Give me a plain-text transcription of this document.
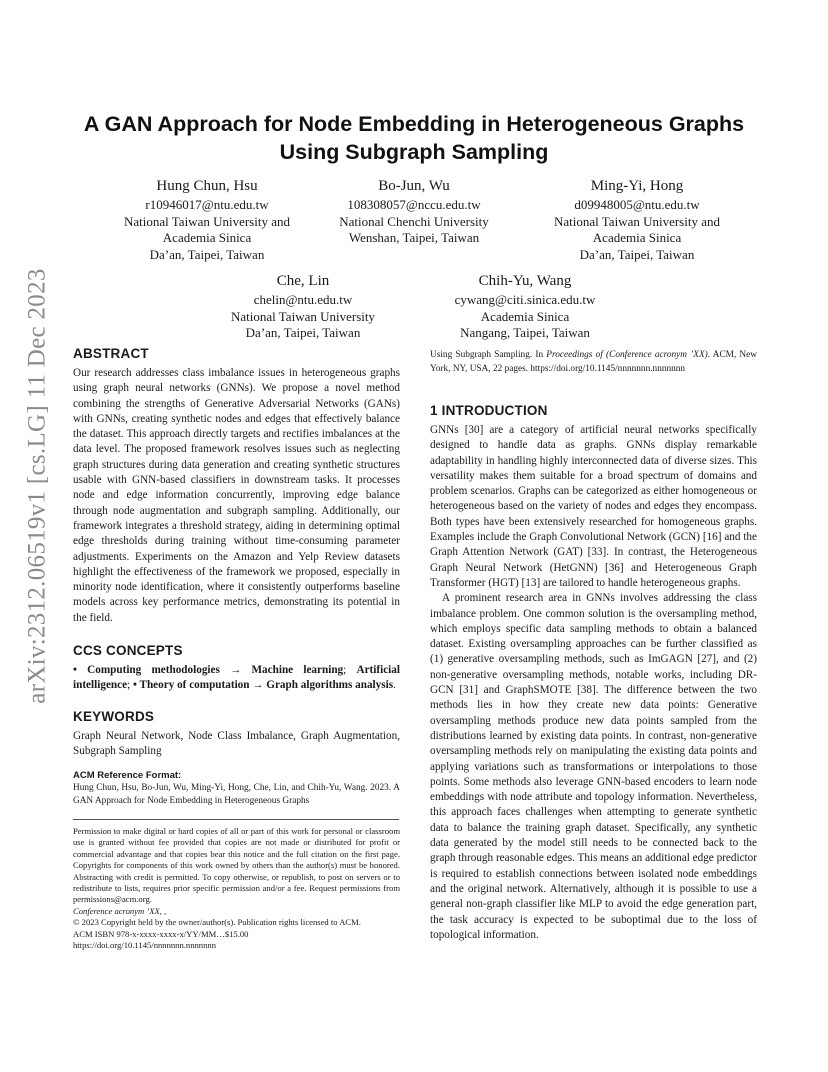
arXiv:2312.06519v1 [cs.LG] 11 Dec 2023
A GAN Approach for Node Embedding in Heterogeneous Graphs
Using Subgraph Sampling
Hung Chun, Hsu
r10946017@ntu.edu.tw
National Taiwan University and
Academia Sinica
Da’an, Taipei, Taiwan
Bo-Jun, Wu
108308057@nccu.edu.tw
National Chenchi University
Wenshan, Taipei, Taiwan
Ming-Yi, Hong
d09948005@ntu.edu.tw
National Taiwan University and
Academia Sinica
Da’an, Taipei, Taiwan
Che, Lin
chelin@ntu.edu.tw
National Taiwan University
Da’an, Taipei, Taiwan
Chih-Yu, Wang
cywang@citi.sinica.edu.tw
Academia Sinica
Nangang, Taipei, Taiwan
ABSTRACT

Our research addresses class imbalance issues in heterogeneous graphs using graph neural networks (GNNs). We propose a novel method combining the strengths of Generative Adversarial Networks (GANs) with GNNs, creating synthetic nodes and edges that effectively balance the dataset. This approach directly targets and rectifies imbalances at the data level. The proposed framework resolves issues such as neglecting graph structures during data generation and creating synthetic structures usable with GNN-based classifiers in downstream tasks. It processes node and edge information concurrently, improving edge balance through node augmentation and subgraph sampling. Additionally, our framework integrates a threshold strategy, aiding in determining optimal edge thresholds during training without time-consuming parameter adjustments. Experiments on the Amazon and Yelp Review datasets highlight the effectiveness of the framework we proposed, especially in minority node identification, where it consistently outperforms baseline models across key performance metrics, demonstrating its potential in the field.

CCS CONCEPTS

• Computing methodologies → Machine learning; Artificial intelligence; • Theory of computation → Graph algorithms analysis.

KEYWORDS

Graph Neural Network, Node Class Imbalance, Graph Augmentation, Subgraph Sampling

ACM Reference Format:

Hung Chun, Hsu, Bo-Jun, Wu, Ming-Yi, Hong, Che, Lin, and Chih-Yu, Wang. 2023. A GAN Approach for Node Embedding in Heterogeneous Graphs

Permission to make digital or hard copies of all or part of this work for personal or classroom use is granted without fee provided that copies are not made or distributed for profit or commercial advantage and that copies bear this notice and the full citation on the first page. Copyrights for components of this work owned by others than the author(s) must be honored. Abstracting with credit is permitted. To copy otherwise, or republish, to post on servers or to redistribute to lists, requires prior specific permission and/or a fee. Request permissions from permissions@acm.org.

Conference acronym ’XX, ,
© 2023 Copyright held by the owner/author(s). Publication rights licensed to ACM.
ACM ISBN 978-x-xxxx-xxxx-x/YY/MM…$15.00
https://doi.org/10.1145/nnnnnnn.nnnnnnn

Using Subgraph Sampling. In Proceedings of (Conference acronym ’XX). ACM, New York, NY, USA, 22 pages. https://doi.org/10.1145/nnnnnnn.nnnnnnn

1 INTRODUCTION

GNNs [30] are a category of artificial neural networks specifically designed to handle data as graphs. GNNs display remarkable adaptability in handling highly interconnected data of diverse sizes. This versatility makes them suitable for a broad spectrum of domains and problem scenarios. Graphs can be categorized as either homogeneous or heterogeneous based on the variety of nodes and edges they encompass. Both types have been extensively researched for homogeneous graphs. Examples include the Graph Convolutional Network (GCN) [16] and the Graph Attention Network (GAT) [33]. In contrast, the Heterogeneous Graph Neural Network (HetGNN) [36] and Heterogeneous Graph Transformer (HGT) [13] are tailored to handle heterogeneous graphs.

A prominent research area in GNNs involves addressing the class imbalance problem. One common solution is the oversampling method, which employs specific data sampling methods to obtain a balanced dataset. Existing oversampling approaches can be further classified as (1) generative oversampling methods, such as ImGAGN [27], and (2) non-generative oversampling methods, notable works, including DR-GCN [31] and GraphSMOTE [38]. The difference between the two methods lies in how they create new data points: Generative oversampling methods produce new data points sampled from the distributions learned by existing data points. In contrast, non-generative oversampling methods rely on manipulating the existing data points and applying variations such as transformations or interpolations to those points. Some methods also leverage GNN-based encoders to learn node embeddings with node attribute and topology information. Nevertheless, this approach faces challenges when attempting to generate synthetic data to balance the training graph dataset. Specifically, any synthetic data generated by the model still needs to be connected back to the graph through reasonable edges. This means an additional edge predictor is required to establish connections between isolated node embeddings and the original network. Alternatively, although it is possible to use a general non-graph classifier like MLP to avoid the edge generation part, the task accuracy is expected to be suboptimal due to the loss of topological information.
